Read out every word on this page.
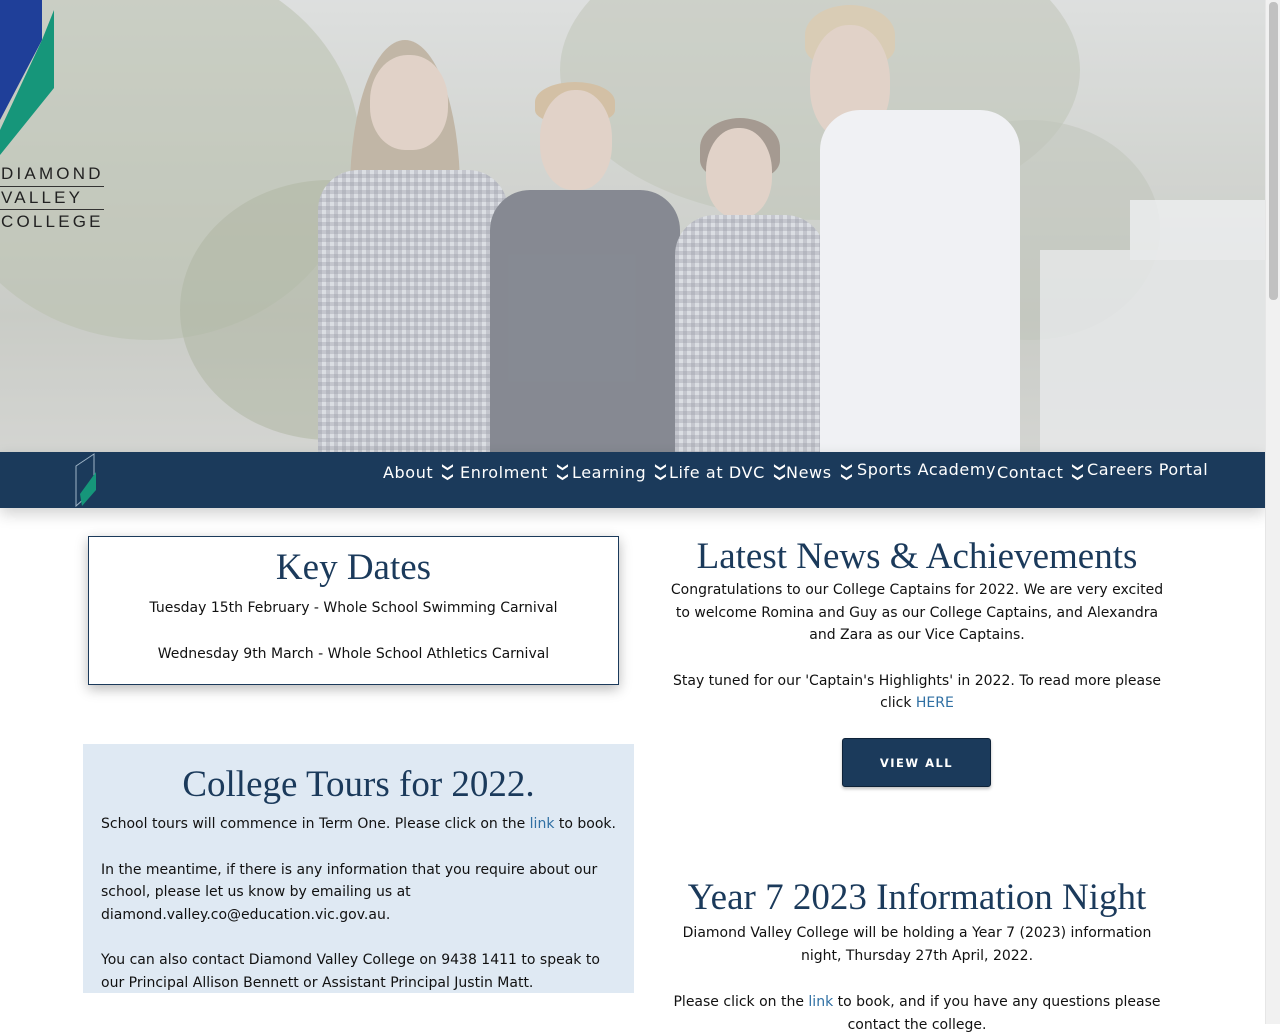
DIAMOND
VALLEY
COLLEGE
About ❯❯ Enrolment ❯❯ Learning ❯❯ Life at DVC ❯❯ News ❯❯ Sports Academy Contact ❯❯ Careers Portal
Key Dates

Tuesday 15th February - Whole School Swimming Carnival

Wednesday 9th March - Whole School Athletics Carnival

College Tours for 2022.

School tours will commence in Term One. Please click on the link to book.

In the meantime, if there is any information that you require about our school, please let us know by emailing us at diamond.valley.co@education.vic.gov.au.

You can also contact Diamond Valley College on 9438 1411 to speak to our Principal Allison Bennett or Assistant Principal Justin Matt.

Latest News & Achievements

Congratulations to our College Captains for 2022. We are very excited to welcome Romina and Guy as our College Captains, and Alexandra and Zara as our Vice Captains.

Stay tuned for our 'Captain's Highlights' in 2022. To read more please click HERE

VIEW ALL
Year 7 2023 Information Night

Diamond Valley College will be holding a Year 7 (2023) information night, Thursday 27th April, 2022.

Please click on the link to book, and if you have any questions please contact the college.
